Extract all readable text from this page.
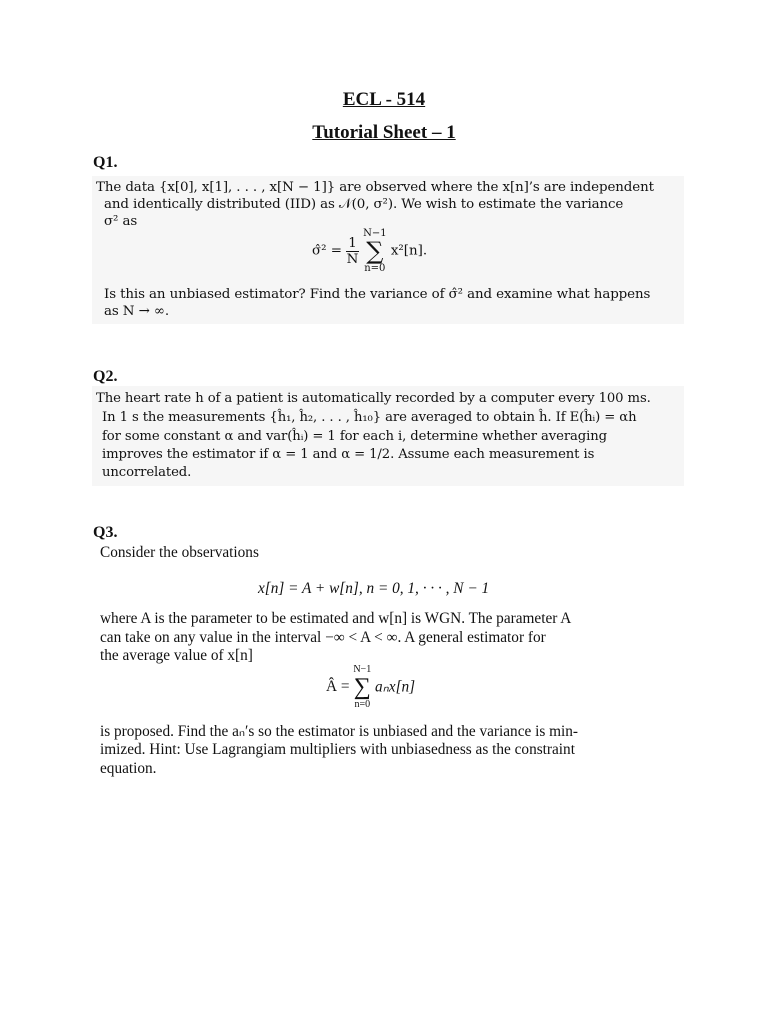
ECL - 514
Tutorial Sheet – 1
Q1.
The data {x[0], x[1], . . . , x[N − 1]} are observed where the x[n]’s are independent
and identically distributed (IID) as 𝒩(0, σ²). We wish to estimate the variance
σ² as
σ̂² = $\frac{1}{N}$

N−1
∑
n=0
x²[n].
Is this an unbiased estimator? Find the variance of σ̂² and examine what happens
as N → ∞.
Q2.
The heart rate h of a patient is automatically recorded by a computer every 100 ms.
In 1 s the measurements {ĥ₁, ĥ₂, . . . , ĥ₁₀} are averaged to obtain ĥ. If E(ĥᵢ) = αh
for some constant α and var(ĥᵢ) = 1 for each i, determine whether averaging
improves the estimator if α = 1 and α = 1/2. Assume each measurement is
uncorrelated.
Q3.
Consider the observations
x[n] = A + w[n], n = 0, 1, · · · , N − 1
where A is the parameter to be estimated and w[n] is WGN. The parameter A
can take on any value in the interval −∞ < A < ∞. A general estimator for
the average value of x[n]
Â =
N−1
∑
n=0
aₙx[n]
is proposed. Find the aₙ′s so the estimator is unbiased and the variance is min-
imized. Hint: Use Lagrangiam multipliers with unbiasedness as the constraint
equation.
